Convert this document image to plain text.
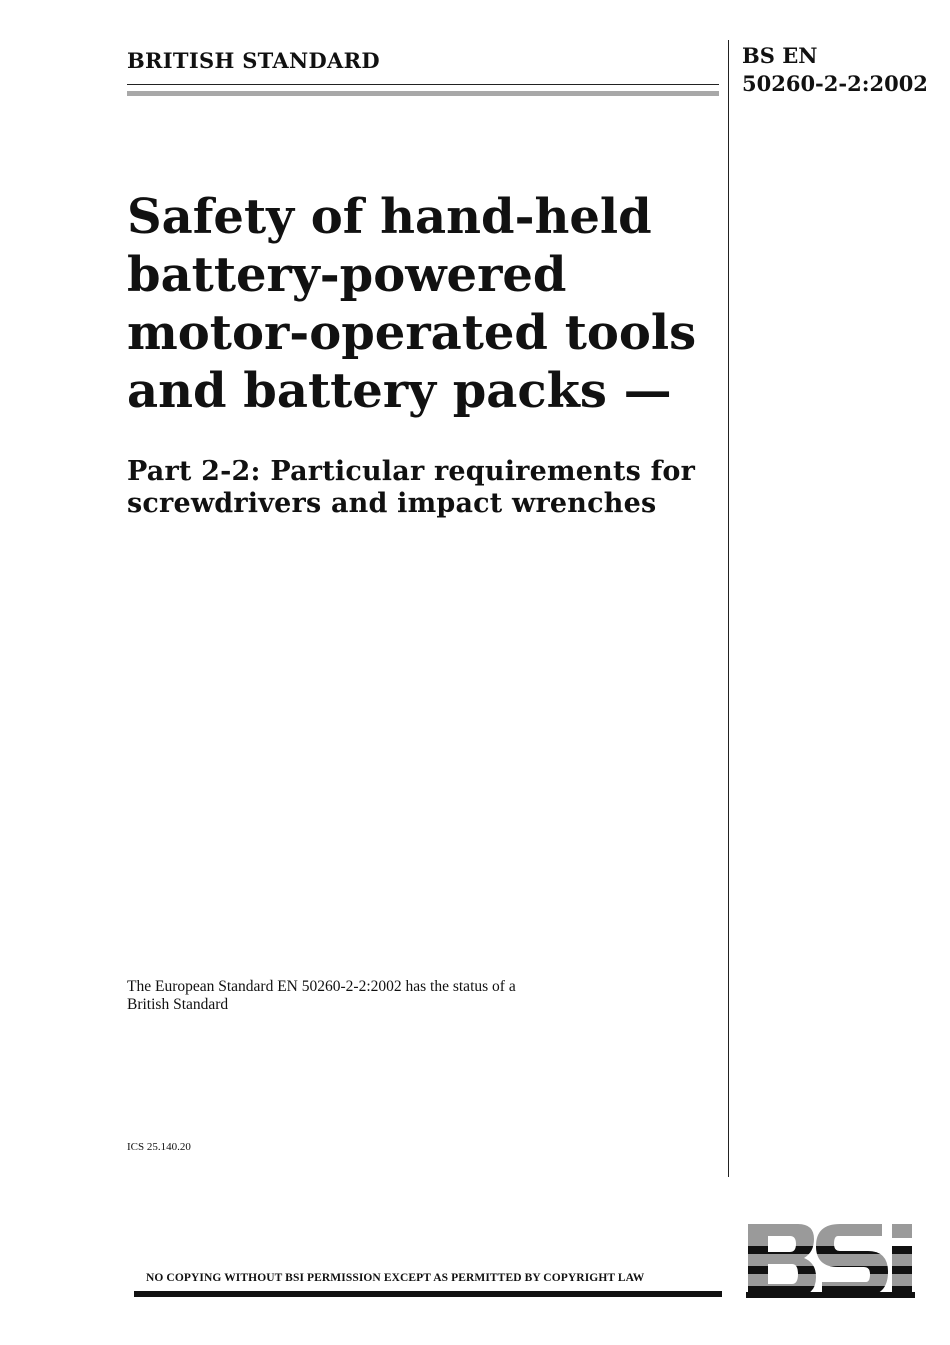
BRITISH STANDARD	BS EN
50260-2-2:2002
Safety of hand-held
battery-powered
motor-operated tools
and battery packs —
Part 2-2: Particular requirements for
screwdrivers and impact wrenches
The European Standard EN 50260-2-2:2002 has the status of a
British Standard
ICS 25.140.20
NO COPYING WITHOUT BSI PERMISSION EXCEPT AS PERMITTED BY COPYRIGHT LAW
